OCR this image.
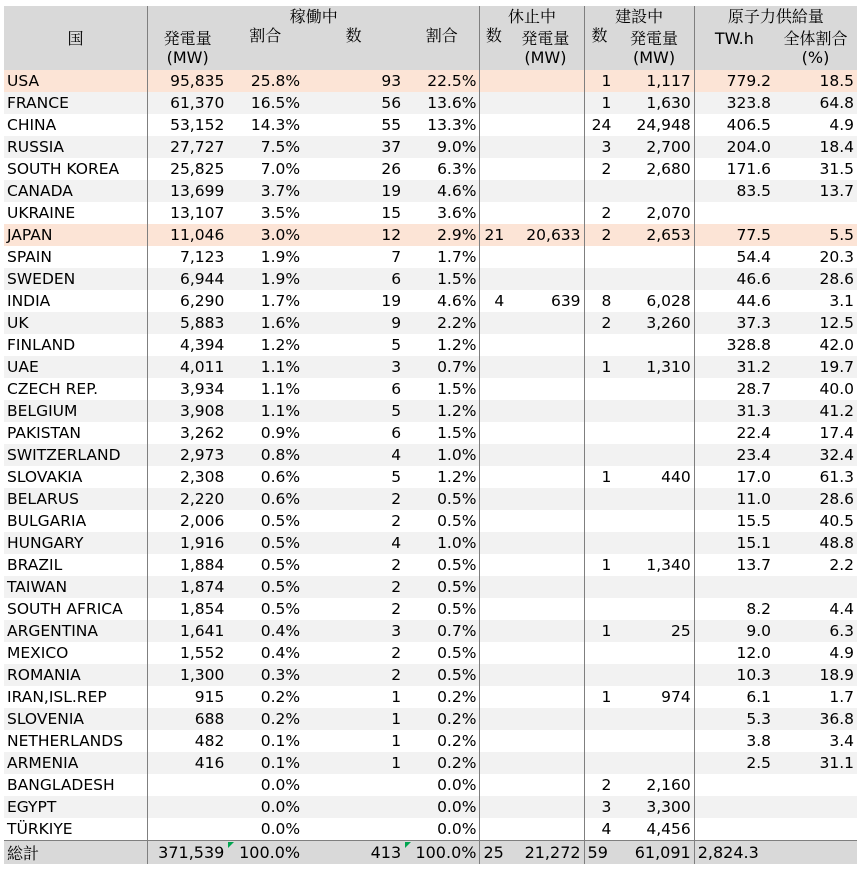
国	稼働中				休止中		建設中		原子力供給量	
	発電量	割合	数	割合	数	発電量	数	発電量	TW.h	全体割合
	(MW)					(MW)		(MW)		(%)
USA	95,835	25.8%	93	22.5%			1	1,117	779.2	18.5
FRANCE	61,370	16.5%	56	13.6%			1	1,630	323.8	64.8
CHINA	53,152	14.3%	55	13.3%			24	24,948	406.5	4.9
RUSSIA	27,727	7.5%	37	9.0%			3	2,700	204.0	18.4
SOUTH KOREA	25,825	7.0%	26	6.3%			2	2,680	171.6	31.5
CANADA	13,699	3.7%	19	4.6%					83.5	13.7
UKRAINE	13,107	3.5%	15	3.6%			2	2,070		
JAPAN	11,046	3.0%	12	2.9%	21	20,633	2	2,653	77.5	5.5
SPAIN	7,123	1.9%	7	1.7%					54.4	20.3
SWEDEN	6,944	1.9%	6	1.5%					46.6	28.6
INDIA	6,290	1.7%	19	4.6%	4	639	8	6,028	44.6	3.1
UK	5,883	1.6%	9	2.2%			2	3,260	37.3	12.5
FINLAND	4,394	1.2%	5	1.2%					328.8	42.0
UAE	4,011	1.1%	3	0.7%			1	1,310	31.2	19.7
CZECH REP.	3,934	1.1%	6	1.5%					28.7	40.0
BELGIUM	3,908	1.1%	5	1.2%					31.3	41.2
PAKISTAN	3,262	0.9%	6	1.5%					22.4	17.4
SWITZERLAND	2,973	0.8%	4	1.0%					23.4	32.4
SLOVAKIA	2,308	0.6%	5	1.2%			1	440	17.0	61.3
BELARUS	2,220	0.6%	2	0.5%					11.0	28.6
BULGARIA	2,006	0.5%	2	0.5%					15.5	40.5
HUNGARY	1,916	0.5%	4	1.0%					15.1	48.8
BRAZIL	1,884	0.5%	2	0.5%			1	1,340	13.7	2.2
TAIWAN	1,874	0.5%	2	0.5%						
SOUTH AFRICA	1,854	0.5%	2	0.5%					8.2	4.4
ARGENTINA	1,641	0.4%	3	0.7%			1	25	9.0	6.3
MEXICO	1,552	0.4%	2	0.5%					12.0	4.9
ROMANIA	1,300	0.3%	2	0.5%					10.3	18.9
IRAN,ISL.REP	915	0.2%	1	0.2%			1	974	6.1	1.7
SLOVENIA	688	0.2%	1	0.2%					5.3	36.8
NETHERLANDS	482	0.1%	1	0.2%					3.8	3.4
ARMENIA	416	0.1%	1	0.2%					2.5	31.1
BANGLADESH		0.0%		0.0%			2	2,160		
EGYPT		0.0%		0.0%			3	3,300		
TÜRKIYE		0.0%		0.0%			4	4,456		
総計	371,539	100.0%	413	100.0%	25	21,272	59	61,091	2,824.3	
